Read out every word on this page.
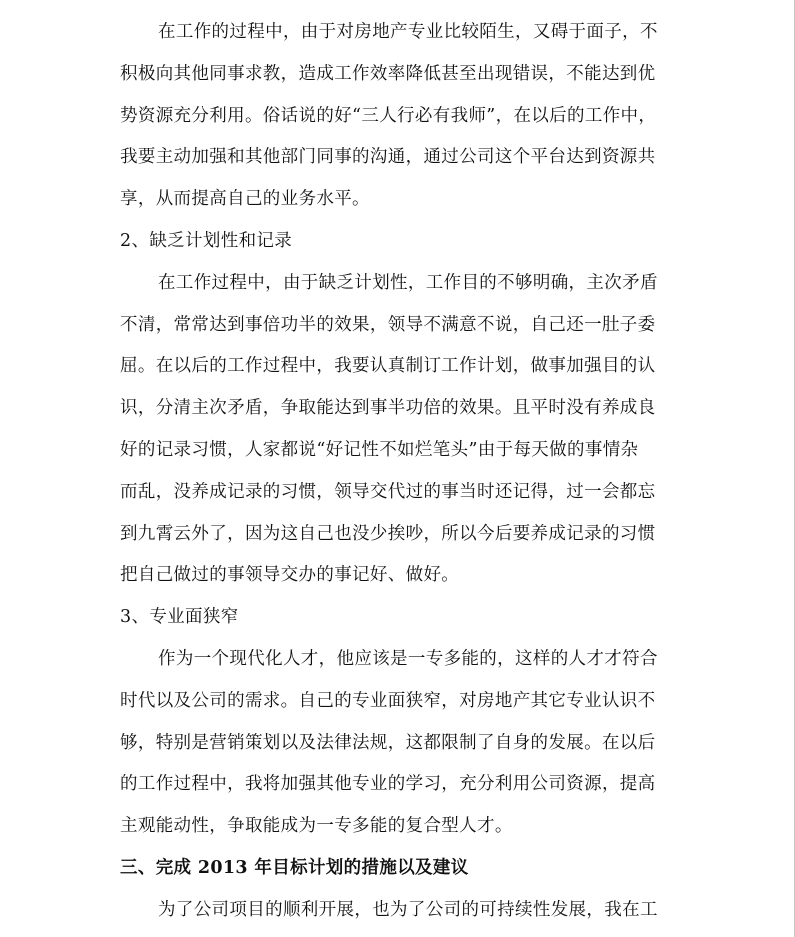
在工作的过程中，由于对房地产专业比较陌生，又碍于面子，不
积极向其他同事求教，造成工作效率降低甚至出现错误，不能达到优
势资源充分利用。俗话说的好“三人行必有我师”，在以后的工作中，
我要主动加强和其他部门同事的沟通，通过公司这个平台达到资源共
享，从而提高自己的业务水平。
2、缺乏计划性和记录
在工作过程中，由于缺乏计划性，工作目的不够明确，主次矛盾
不清，常常达到事倍功半的效果，领导不满意不说，自己还一肚子委
屈。在以后的工作过程中，我要认真制订工作计划，做事加强目的认
识，分清主次矛盾，争取能达到事半功倍的效果。且平时没有养成良
好的记录习惯，人家都说“好记性不如烂笔头”由于每天做的事情杂
而乱，没养成记录的习惯，领导交代过的事当时还记得，过一会都忘
到九霄云外了，因为这自己也没少挨吵，所以今后要养成记录的习惯
把自己做过的事领导交办的事记好、做好。
3、专业面狭窄
作为一个现代化人才，他应该是一专多能的，这样的人才才符合
时代以及公司的需求。自己的专业面狭窄，对房地产其它专业认识不
够，特别是营销策划以及法律法规，这都限制了自身的发展。在以后
的工作过程中，我将加强其他专业的学习，充分利用公司资源，提高
主观能动性，争取能成为一专多能的复合型人才。
三、完成 2013 年目标计划的措施以及建议
为了公司项目的顺利开展，也为了公司的可持续性发展，我在工
